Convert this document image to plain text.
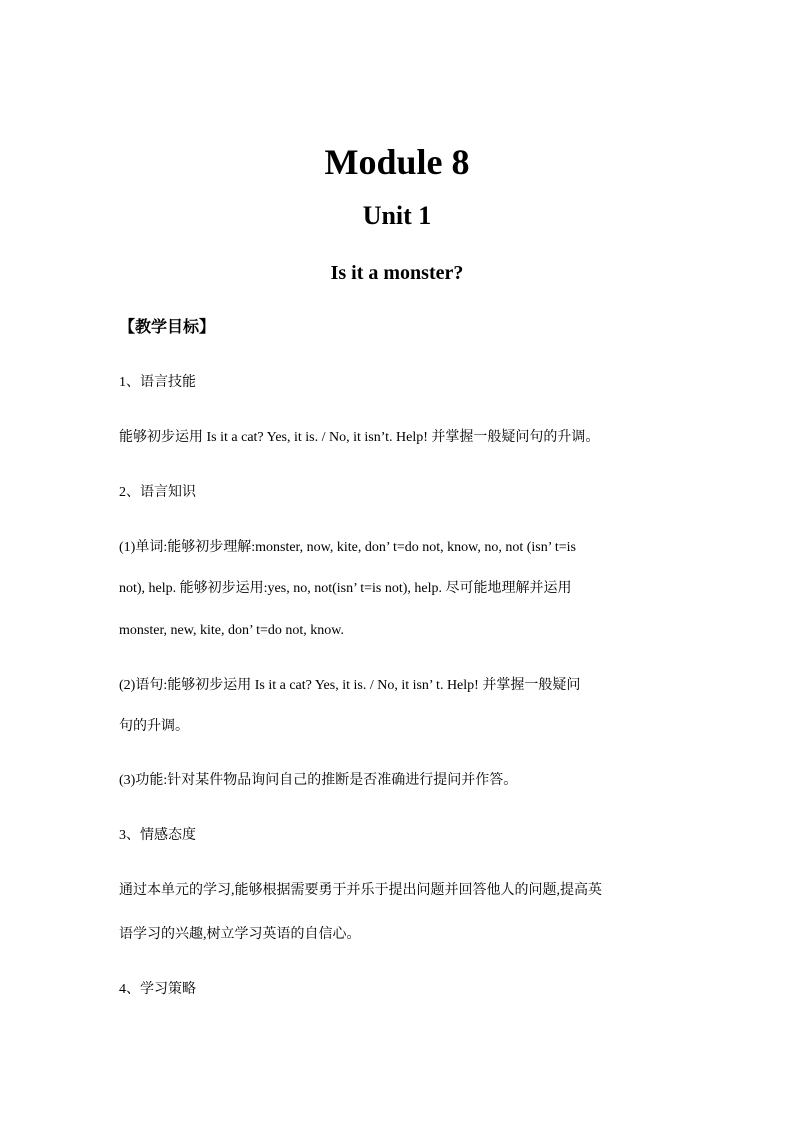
Module 8
Unit 1
Is it a monster?
【教学目标】
1、语言技能
能够初步运用 Is it a cat? Yes, it is. / No, it isn’t. Help! 并掌握一般疑问句的升调。
2、语言知识
(1)单词:能够初步理解:monster, now, kite, don’ t=do not, know, no, not (isn’ t=is
not), help. 能够初步运用:yes, no, not(isn’ t=is not), help. 尽可能地理解并运用
monster, new, kite, don’ t=do not, know.
(2)语句:能够初步运用 Is it a cat? Yes, it is. / No, it isn’ t. Help! 并掌握一般疑问
句的升调。
(3)功能:针对某件物品询问自己的推断是否准确进行提问并作答。
3、情感态度
通过本单元的学习,能够根据需要勇于并乐于提出问题并回答他人的问题,提高英
语学习的兴趣,树立学习英语的自信心。
4、学习策略
